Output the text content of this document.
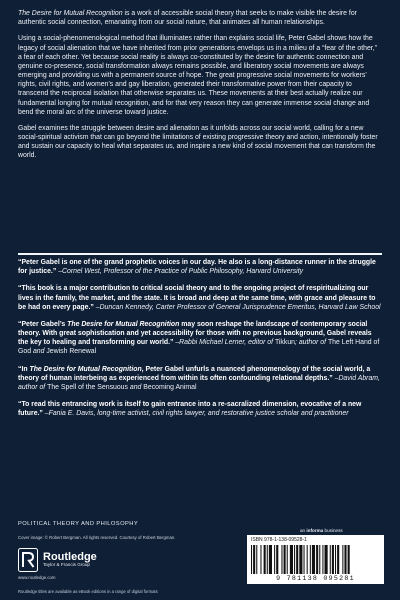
The Desire for Mutual Recognition is a work of accessible social theory that seeks to make visible the desire for authentic social connection, emanating from our social nature, that animates all human relationships.

Using a social-phenomenological method that illuminates rather than explains social life, Peter Gabel shows how the legacy of social alienation that we have inherited from prior generations envelops us in a milieu of a “fear of the other,” a fear of each other. Yet because social reality is always co-constituted by the desire for authentic connection and genuine co-presence, social transformation always remains possible, and liberatory social movements are always emerging and providing us with a permanent source of hope. The great progressive social movements for workers’ rights, civil rights, and women’s and gay liberation, generated their transformative power from their capacity to transcend the reciprocal isolation that otherwise separates us. These movements at their best actually realize our fundamental longing for mutual recognition, and for that very reason they can generate immense social change and bend the moral arc of the universe toward justice.

Gabel examines the struggle between desire and alienation as it unfolds across our social world, calling for a new social-spiritual activism that can go beyond the limitations of existing progressive theory and action, intentionally foster and sustain our capacity to heal what separates us, and inspire a new kind of social movement that can transform the world.

“Peter Gabel is one of the grand prophetic voices in our day. He also is a long-distance runner in the struggle for justice.” –Cornel West, Professor of the Practice of Public Philosophy, Harvard University

“This book is a major contribution to critical social theory and to the ongoing project of respiritualizing our lives in the family, the market, and the state. It is broad and deep at the same time, with grace and pleasure to be had on every page.” –Duncan Kennedy, Carter Professor of General Jurisprudence Emeritus, Harvard Law School

“Peter Gabel’s The Desire for Mutual Recognition may soon reshape the landscape of contemporary social theory. With great sophistication and yet accessibility for those with no previous background, Gabel reveals the key to healing and transforming our world.” –Rabbi Michael Lerner, editor of Tikkun; author of The Left Hand of God and Jewish Renewal

“In The Desire for Mutual Recognition, Peter Gabel unfurls a nuanced phenomenology of the social world, a theory of human interbeing as experienced from within its often confounding relational depths.” –David Abram, author of The Spell of the Sensuous and Becoming Animal

“To read this entrancing work is itself to gain entrance into a re-sacralized dimension, evocative of a new future.” –Fania E. Davis, long-time activist, civil rights lawyer, and restorative justice scholar and practitioner

POLITICAL THEORY AND PHILOSOPHY
Cover image: © Robert Bergman. All rights reserved. Courtesy of Robert Bergman.
Routledge
Taylor & Francis Group
www.routledge.com
Routledge titles are available as eBook editions in a range of digital formats
an informa business
ISBN 978-1-138-09528-1
9 781138 095281
